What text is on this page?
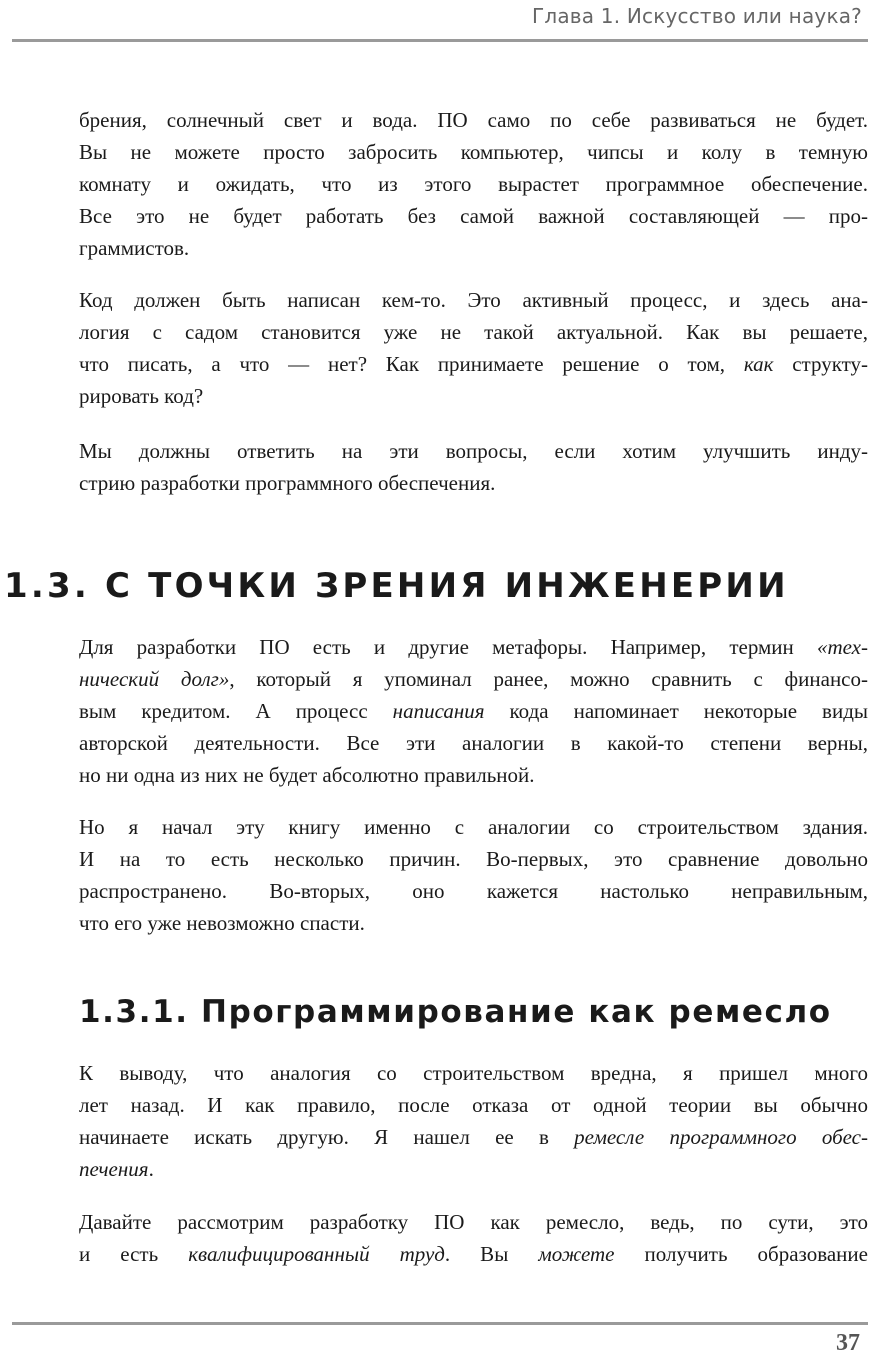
Глава 1. Искусство или наука?
брения, солнечный свет и вода. ПО само по себе развиваться не будет.
Вы не можете просто забросить компьютер, чипсы и колу в темную
комнату и ожидать, что из этого вырастет программное обеспечение.
Все это не будет работать без самой важной составляющей — про-
граммистов.
Код должен быть написан кем-то. Это активный процесс, и здесь ана-
логия с садом становится уже не такой актуальной. Как вы решаете,
что писать, а что — нет? Как принимаете решение о том, как структу-
рировать код?
Мы должны ответить на эти вопросы, если хотим улучшить инду-
стрию разработки программного обеспечения.
1.3. С ТОЧКИ ЗРЕНИЯ ИНЖЕНЕРИИ
Для разработки ПО есть и другие метафоры. Например, термин «тех-
нический долг», который я упоминал ранее, можно сравнить с финансо-
вым кредитом. А процесс написания кода напоминает некоторые виды
авторской деятельности. Все эти аналогии в какой-то степени верны,
но ни одна из них не будет абсолютно правильной.
Но я начал эту книгу именно с аналогии со строительством здания.
И на то есть несколько причин. Во-первых, это сравнение довольно
распространено. Во-вторых, оно кажется настолько неправильным,
что его уже невозможно спасти.
1.3.1. Программирование как ремесло
К выводу, что аналогия со строительством вредна, я пришел много
лет назад. И как правило, после отказа от одной теории вы обычно
начинаете искать другую. Я нашел ее в ремесле программного обес-
печения.
Давайте рассмотрим разработку ПО как ремесло, ведь, по сути, это
и есть квалифицированный труд. Вы можете получить образование
37
